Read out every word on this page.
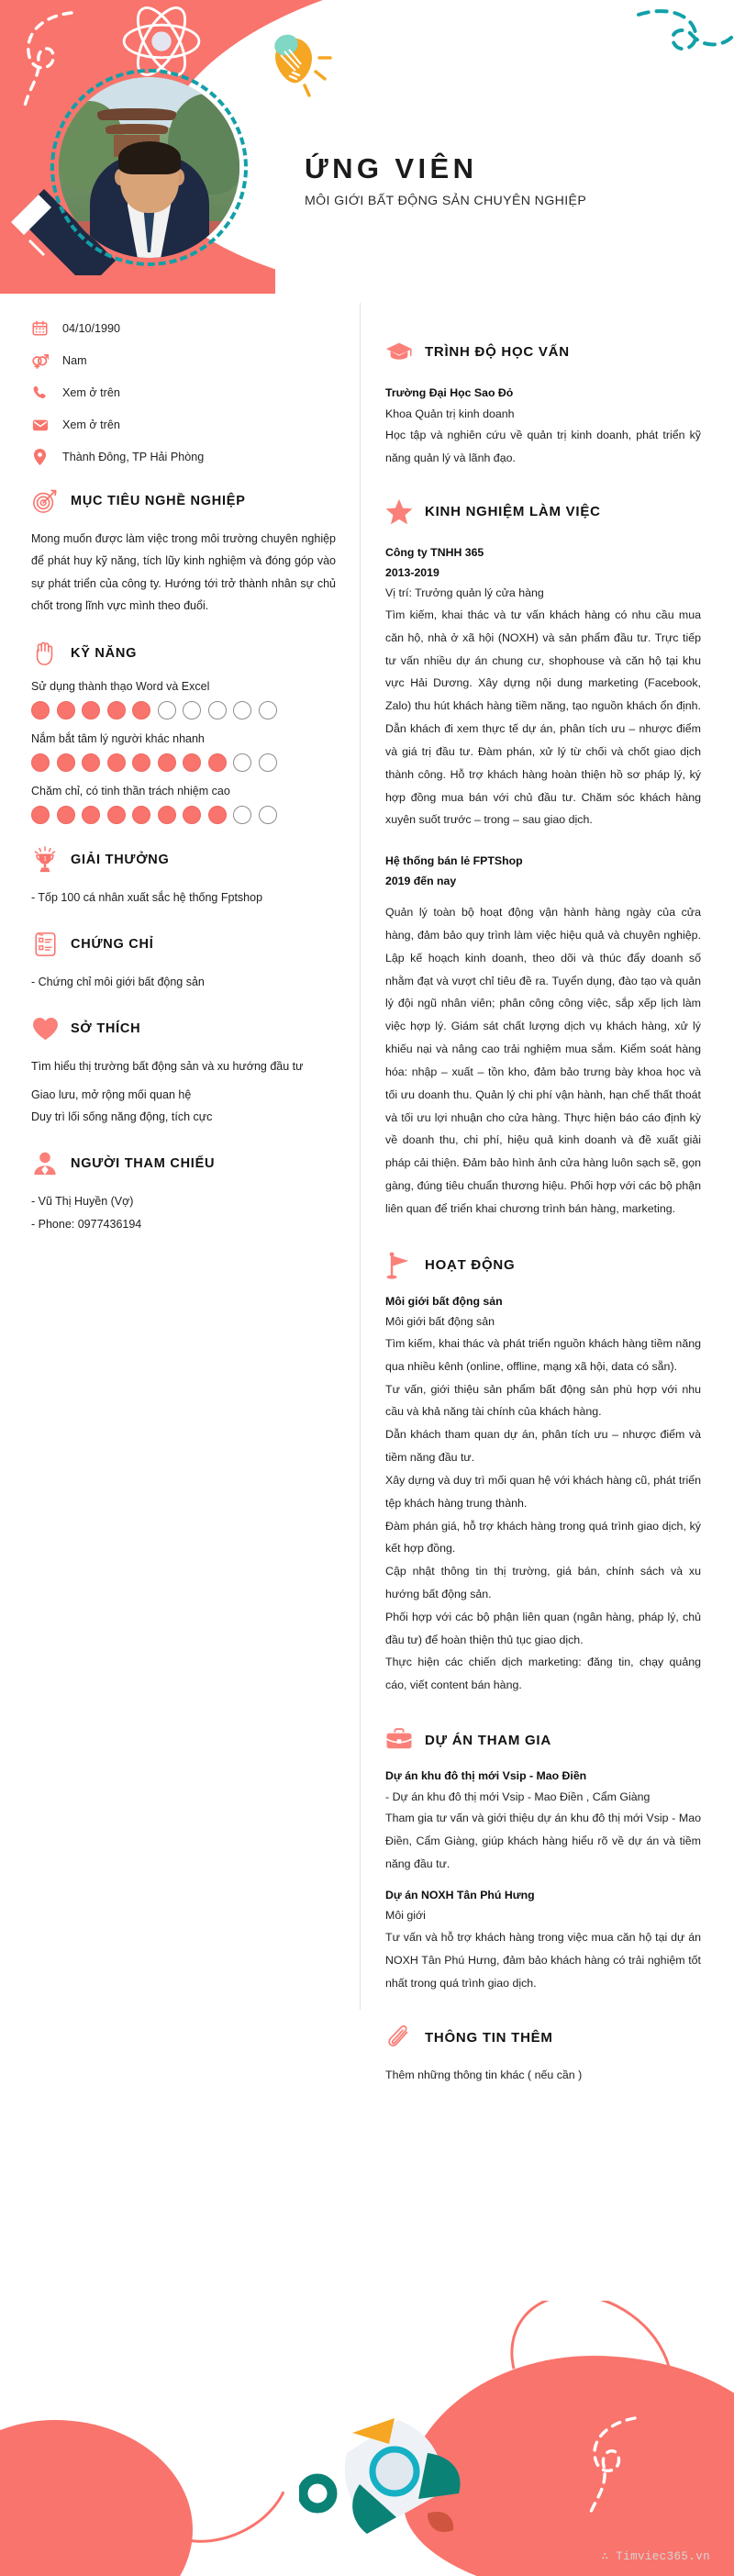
ỨNG VIÊN
MÔI GIỚI BẤT ĐỘNG SẢN CHUYÊN NGHIỆP
04/10/1990
Nam
Xem ở trên
Xem ở trên
Thành Đông, TP Hải Phòng
MỤC TIÊU NGHỀ NGHIỆP
Mong muốn được làm việc trong môi trường chuyên nghiệp để phát huy kỹ năng, tích lũy kinh nghiệm và đóng góp vào sự phát triển của công ty. Hướng tới trở thành nhân sự chủ chốt trong lĩnh vực mình theo đuổi.
KỸ NĂNG
Sử dụng thành thạo Word và Excel
Nắm bắt tâm lý người khác nhanh
Chăm chỉ, có tinh thần trách nhiệm cao
1 GIẢI THƯỞNG
- Tốp 100 cá nhân xuất sắc hệ thống Fptshop
CHỨNG CHỈ
- Chứng chỉ môi giới bất động sản
SỞ THÍCH
Tìm hiểu thị trường bất động sản và xu hướng đầu tư
Giao lưu, mở rộng mối quan hệ
Duy trì lối sống năng động, tích cực
NGƯỜI THAM CHIẾU
- Vũ Thị Huyền (Vợ)
- Phone: 0977436194
TRÌNH ĐỘ HỌC VẤN
Trường Đại Học Sao Đỏ
Khoa Quản trị kinh doanh
Học tập và nghiên cứu về quản trị kinh doanh, phát triển kỹ năng quản lý và lãnh đạo.
KINH NGHIỆM LÀM VIỆC
Công ty TNHH 365
2013-2019
Vị trí: Trưởng quản lý cửa hàng
Tìm kiếm, khai thác và tư vấn khách hàng có nhu cầu mua căn hộ, nhà ở xã hội (NOXH) và sản phẩm đầu tư. Trực tiếp tư vấn nhiều dự án chung cư, shophouse và căn hộ tại khu vực Hải Dương. Xây dựng nội dung marketing (Facebook, Zalo) thu hút khách hàng tiềm năng, tạo nguồn khách ổn định. Dẫn khách đi xem thực tế dự án, phân tích ưu – nhược điểm và giá trị đầu tư. Đàm phán, xử lý từ chối và chốt giao dịch thành công. Hỗ trợ khách hàng hoàn thiện hồ sơ pháp lý, ký hợp đồng mua bán với chủ đầu tư. Chăm sóc khách hàng xuyên suốt trước – trong – sau giao dịch.
Hệ thống bán lẻ FPTShop
2019 đến nay
Quản lý toàn bộ hoạt động vận hành hàng ngày của cửa hàng, đảm bảo quy trình làm việc hiệu quả và chuyên nghiệp. Lập kế hoạch kinh doanh, theo dõi và thúc đẩy doanh số nhằm đạt và vượt chỉ tiêu đề ra. Tuyển dụng, đào tạo và quản lý đội ngũ nhân viên; phân công công việc, sắp xếp lịch làm việc hợp lý. Giám sát chất lượng dịch vụ khách hàng, xử lý khiếu nại và nâng cao trải nghiệm mua sắm. Kiểm soát hàng hóa: nhập – xuất – tồn kho, đảm bảo trưng bày khoa học và tối ưu doanh thu. Quản lý chi phí vận hành, hạn chế thất thoát và tối ưu lợi nhuận cho cửa hàng. Thực hiện báo cáo định kỳ về doanh thu, chi phí, hiệu quả kinh doanh và đề xuất giải pháp cải thiện. Đảm bảo hình ảnh cửa hàng luôn sạch sẽ, gọn gàng, đúng tiêu chuẩn thương hiệu. Phối hợp với các bộ phận liên quan để triển khai chương trình bán hàng, marketing.
HOẠT ĐỘNG
Môi giới bất động sản
Môi giới bất động sản
Tìm kiếm, khai thác và phát triển nguồn khách hàng tiềm năng qua nhiều kênh (online, offline, mạng xã hội, data có sẵn).
Tư vấn, giới thiệu sản phẩm bất động sản phù hợp với nhu cầu và khả năng tài chính của khách hàng.
Dẫn khách tham quan dự án, phân tích ưu – nhược điểm và tiềm năng đầu tư.
Xây dựng và duy trì mối quan hệ với khách hàng cũ, phát triển tệp khách hàng trung thành.
Đàm phán giá, hỗ trợ khách hàng trong quá trình giao dịch, ký kết hợp đồng.
Cập nhật thông tin thị trường, giá bán, chính sách và xu hướng bất động sản.
Phối hợp với các bộ phận liên quan (ngân hàng, pháp lý, chủ đầu tư) để hoàn thiện thủ tục giao dịch.
Thực hiện các chiến dịch marketing: đăng tin, chạy quảng cáo, viết content bán hàng.
DỰ ÁN THAM GIA
Dự án khu đô thị mới Vsip - Mao Điền
- Dự án khu đô thị mới Vsip - Mao Điền , Cẩm Giàng
Tham gia tư vấn và giới thiệu dự án khu đô thị mới Vsip - Mao Điền, Cẩm Giàng, giúp khách hàng hiểu rõ về dự án và tiềm năng đầu tư.
Dự án NOXH Tân Phú Hưng
Môi giới
Tư vấn và hỗ trợ khách hàng trong việc mua căn hộ tại dự án NOXH Tân Phú Hưng, đảm bảo khách hàng có trải nghiệm tốt nhất trong quá trình giao dịch.
THÔNG TIN THÊM
Thêm những thông tin khác ( nếu cần )
∴ Timviec365.vn
